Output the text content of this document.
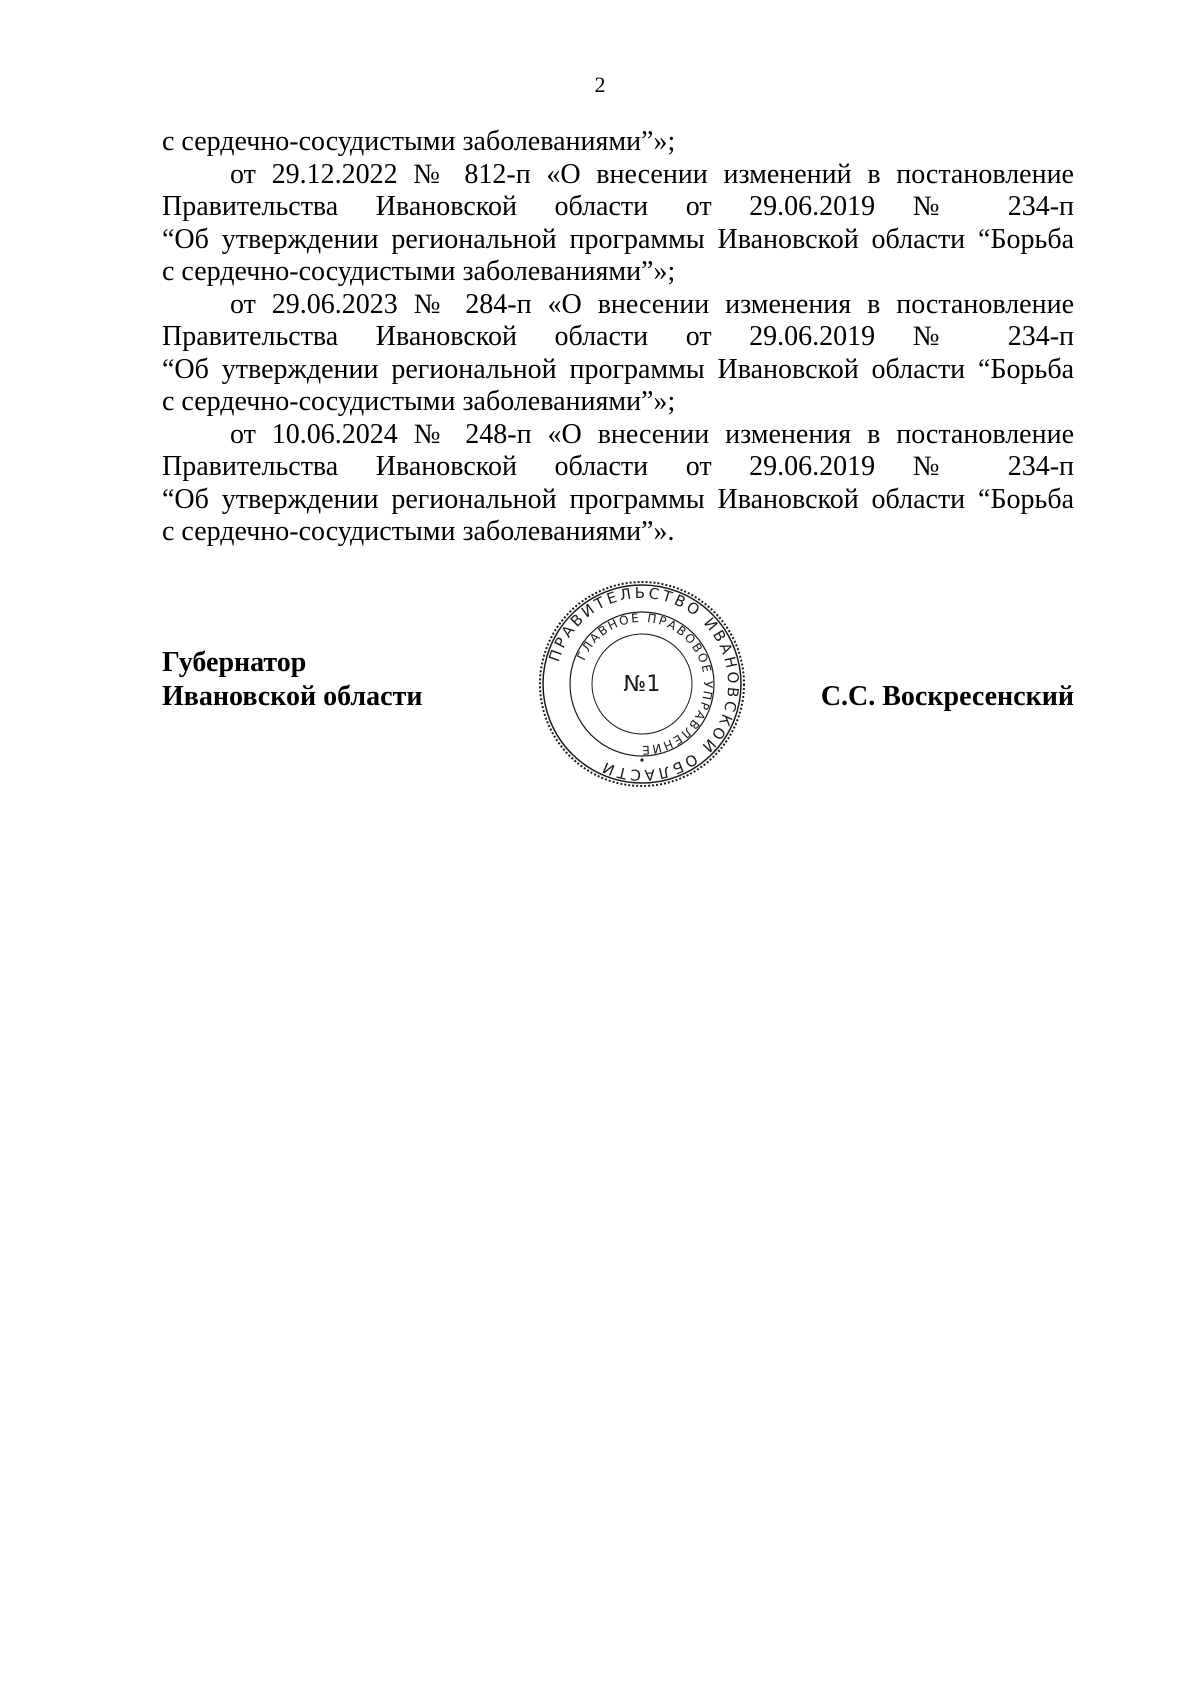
2
с сердечно-сосудистыми заболеваниями”»;
от 29.12.2022 № 812-п «О внесении изменений в постановление
Правительства Ивановской области от 29.06.2019 № 234-п
“Об утверждении региональной программы Ивановской области “Борьба
с сердечно-сосудистыми заболеваниями”»;
от 29.06.2023 № 284-п «О внесении изменения в постановление
Правительства Ивановской области от 29.06.2019 № 234-п
“Об утверждении региональной программы Ивановской области “Борьба
с сердечно-сосудистыми заболеваниями”»;
от 10.06.2024 № 248-п «О внесении изменения в постановление
Правительства Ивановской области от 29.06.2019 № 234-п
“Об утверждении региональной программы Ивановской области “Борьба
с сердечно-сосудистыми заболеваниями”».
Губернатор
Ивановской области
ПРАВИТЕЛЬСТВО ИВАНОВСКОЙ ОБЛАСТИ
ГЛАВНОЕ ПРАВОВОЕ УПРАВЛЕНИЕ
№1	С.С. Воскресенский
